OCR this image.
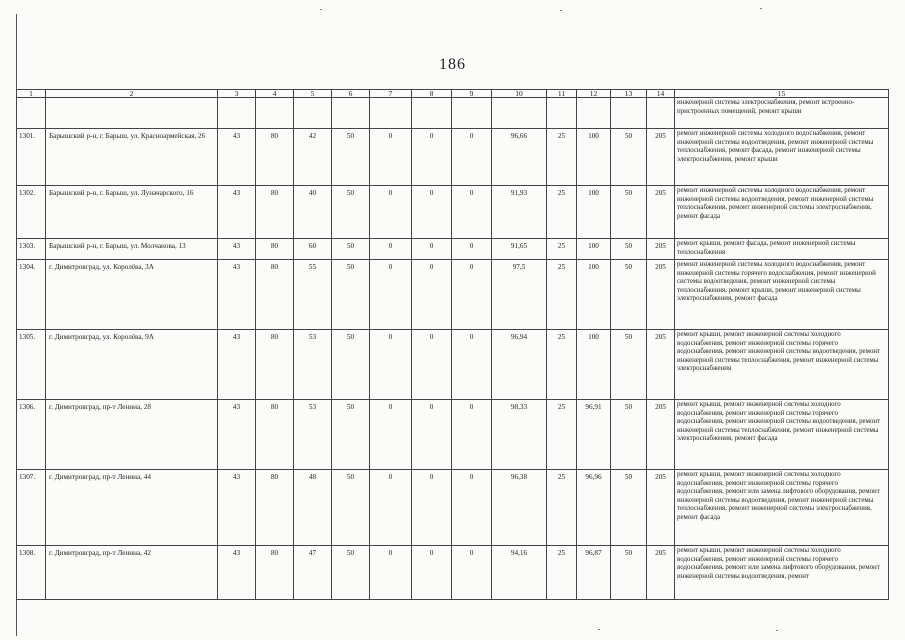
186
1	2	3	4	5	6	7	8	9	10	11	12	13	14	15
														инженерной системы электроснабжения, ремонт встроенно-пристроенных помещений, ремонт крыши
1301.	Барышский р-н, г. Барыш, ул. Красноармейская, 26	43	80	42	50	0	0	0	96,66	25	100	50	205	ремонт инженерной системы холодного водоснабжения, ремонт инженерной системы водоотведения, ремонт инженерной системы теплоснабжения, ремонт фасада, ремонт инженерной системы электроснабжения, ремонт крыши
1302.	Барышский р-н, г. Барыш, ул. Луначарского, 16	43	80	40	50	0	0	0	91,93	25	100	50	205	ремонт инженерной системы холодного водоснабжения, ремонт инженерной системы водоотведения, ремонт инженерной системы теплоснабжения, ремонт инженерной системы электроснабжения, ремонт фасада
1303.	Барышский р-н, г. Барыш, ул. Молчанова, 13	43	80	60	50	0	0	0	91,65	25	100	50	205	ремонт крыши, ремонт фасада, ремонт инженерной системы теплоснабжения
1304.	г. Димитровград, ул. Королёва, 3А	43	80	55	50	0	0	0	97,5	25	100	50	205	ремонт инженерной системы холодного водоснабжения, ремонт инженерной системы горячего водоснабжения, ремонт инженерной системы водоотведения, ремонт инженерной системы теплоснабжения, ремонт крыши, ремонт инженерной системы электроснабжения, ремонт фасада
1305.	г. Димитровград, ул. Королёва, 9А	43	80	53	50	0	0	0	96,94	25	100	50	205	ремонт крыши, ремонт инженерной системы холодного водоснабжения, ремонт инженерной системы горячего водоснабжения, ремонт инженерной системы водоотведения, ремонт инженерной системы теплоснабжения, ремонт инженерной системы электроснабжения
1306.	г. Димитровград, пр-т Ленина, 28	43	80	53	50	0	0	0	98,33	25	96,91	50	205	ремонт крыши, ремонт инженерной системы холодного водоснабжения, ремонт инженерной системы горячего водоснабжения, ремонт инженерной системы водоотведения, ремонт инженерной системы теплоснабжения, ремонт инженерной системы электроснабжения, ремонт фасада
1307.	г. Димитровград, пр-т Ленина, 44	43	80	48	50	0	0	0	96,38	25	96,96	50	205	ремонт крыши, ремонт инженерной системы холодного водоснабжения, ремонт инженерной системы горячего водоснабжения, ремонт или замена лифтового оборудования, ремонт инженерной системы водоотведения, ремонт инженерной системы теплоснабжения, ремонт инженерной системы электроснабжения, ремонт фасада
1308.	г. Димитровград, пр-т Ленина, 42	43	80	47	50	0	0	0	94,16	25	96,87	50	205	ремонт крыши, ремонт инженерной системы холодного водоснабжения, ремонт инженерной системы горячего водоснабжения, ремонт или замена лифтового оборудования, ремонт инженерной системы водоотведения, ремонт
